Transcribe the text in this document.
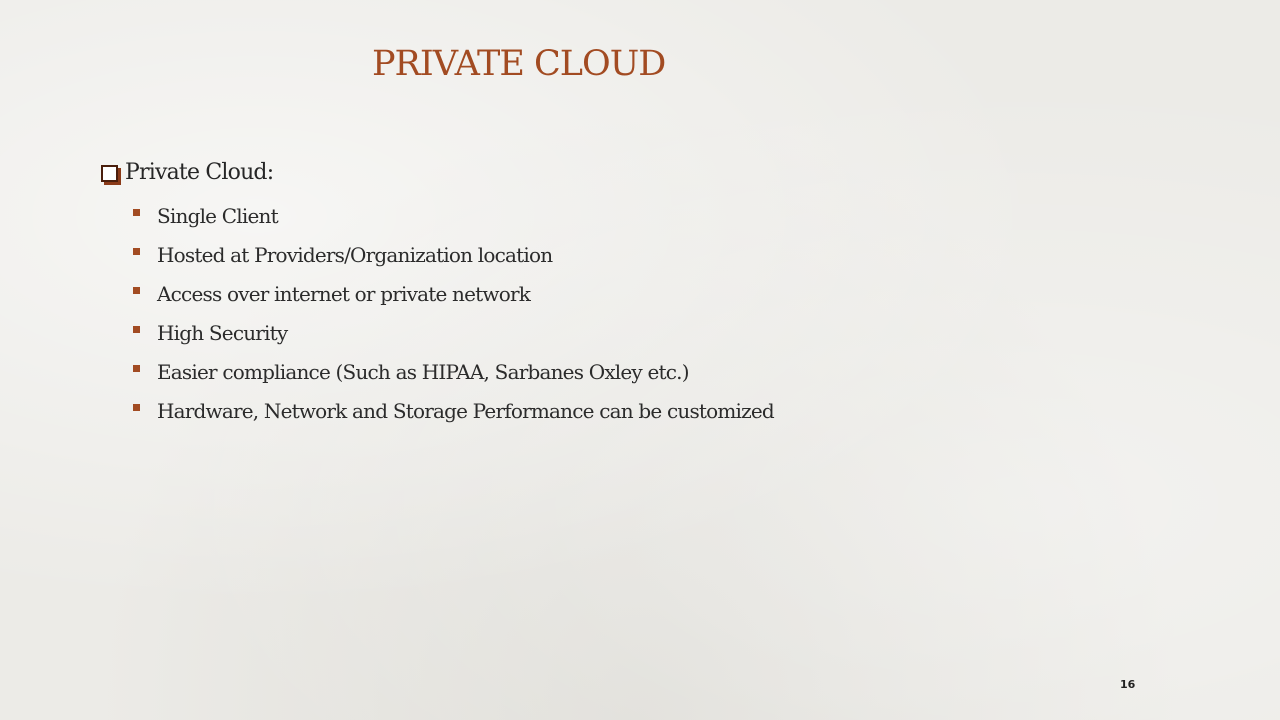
PRIVATE CLOUD
Private Cloud:
Single Client
Hosted at Providers/Organization location
Access over internet or private network
High Security
Easier compliance (Such as HIPAA, Sarbanes Oxley etc.)
Hardware, Network and Storage Performance can be customized
16
